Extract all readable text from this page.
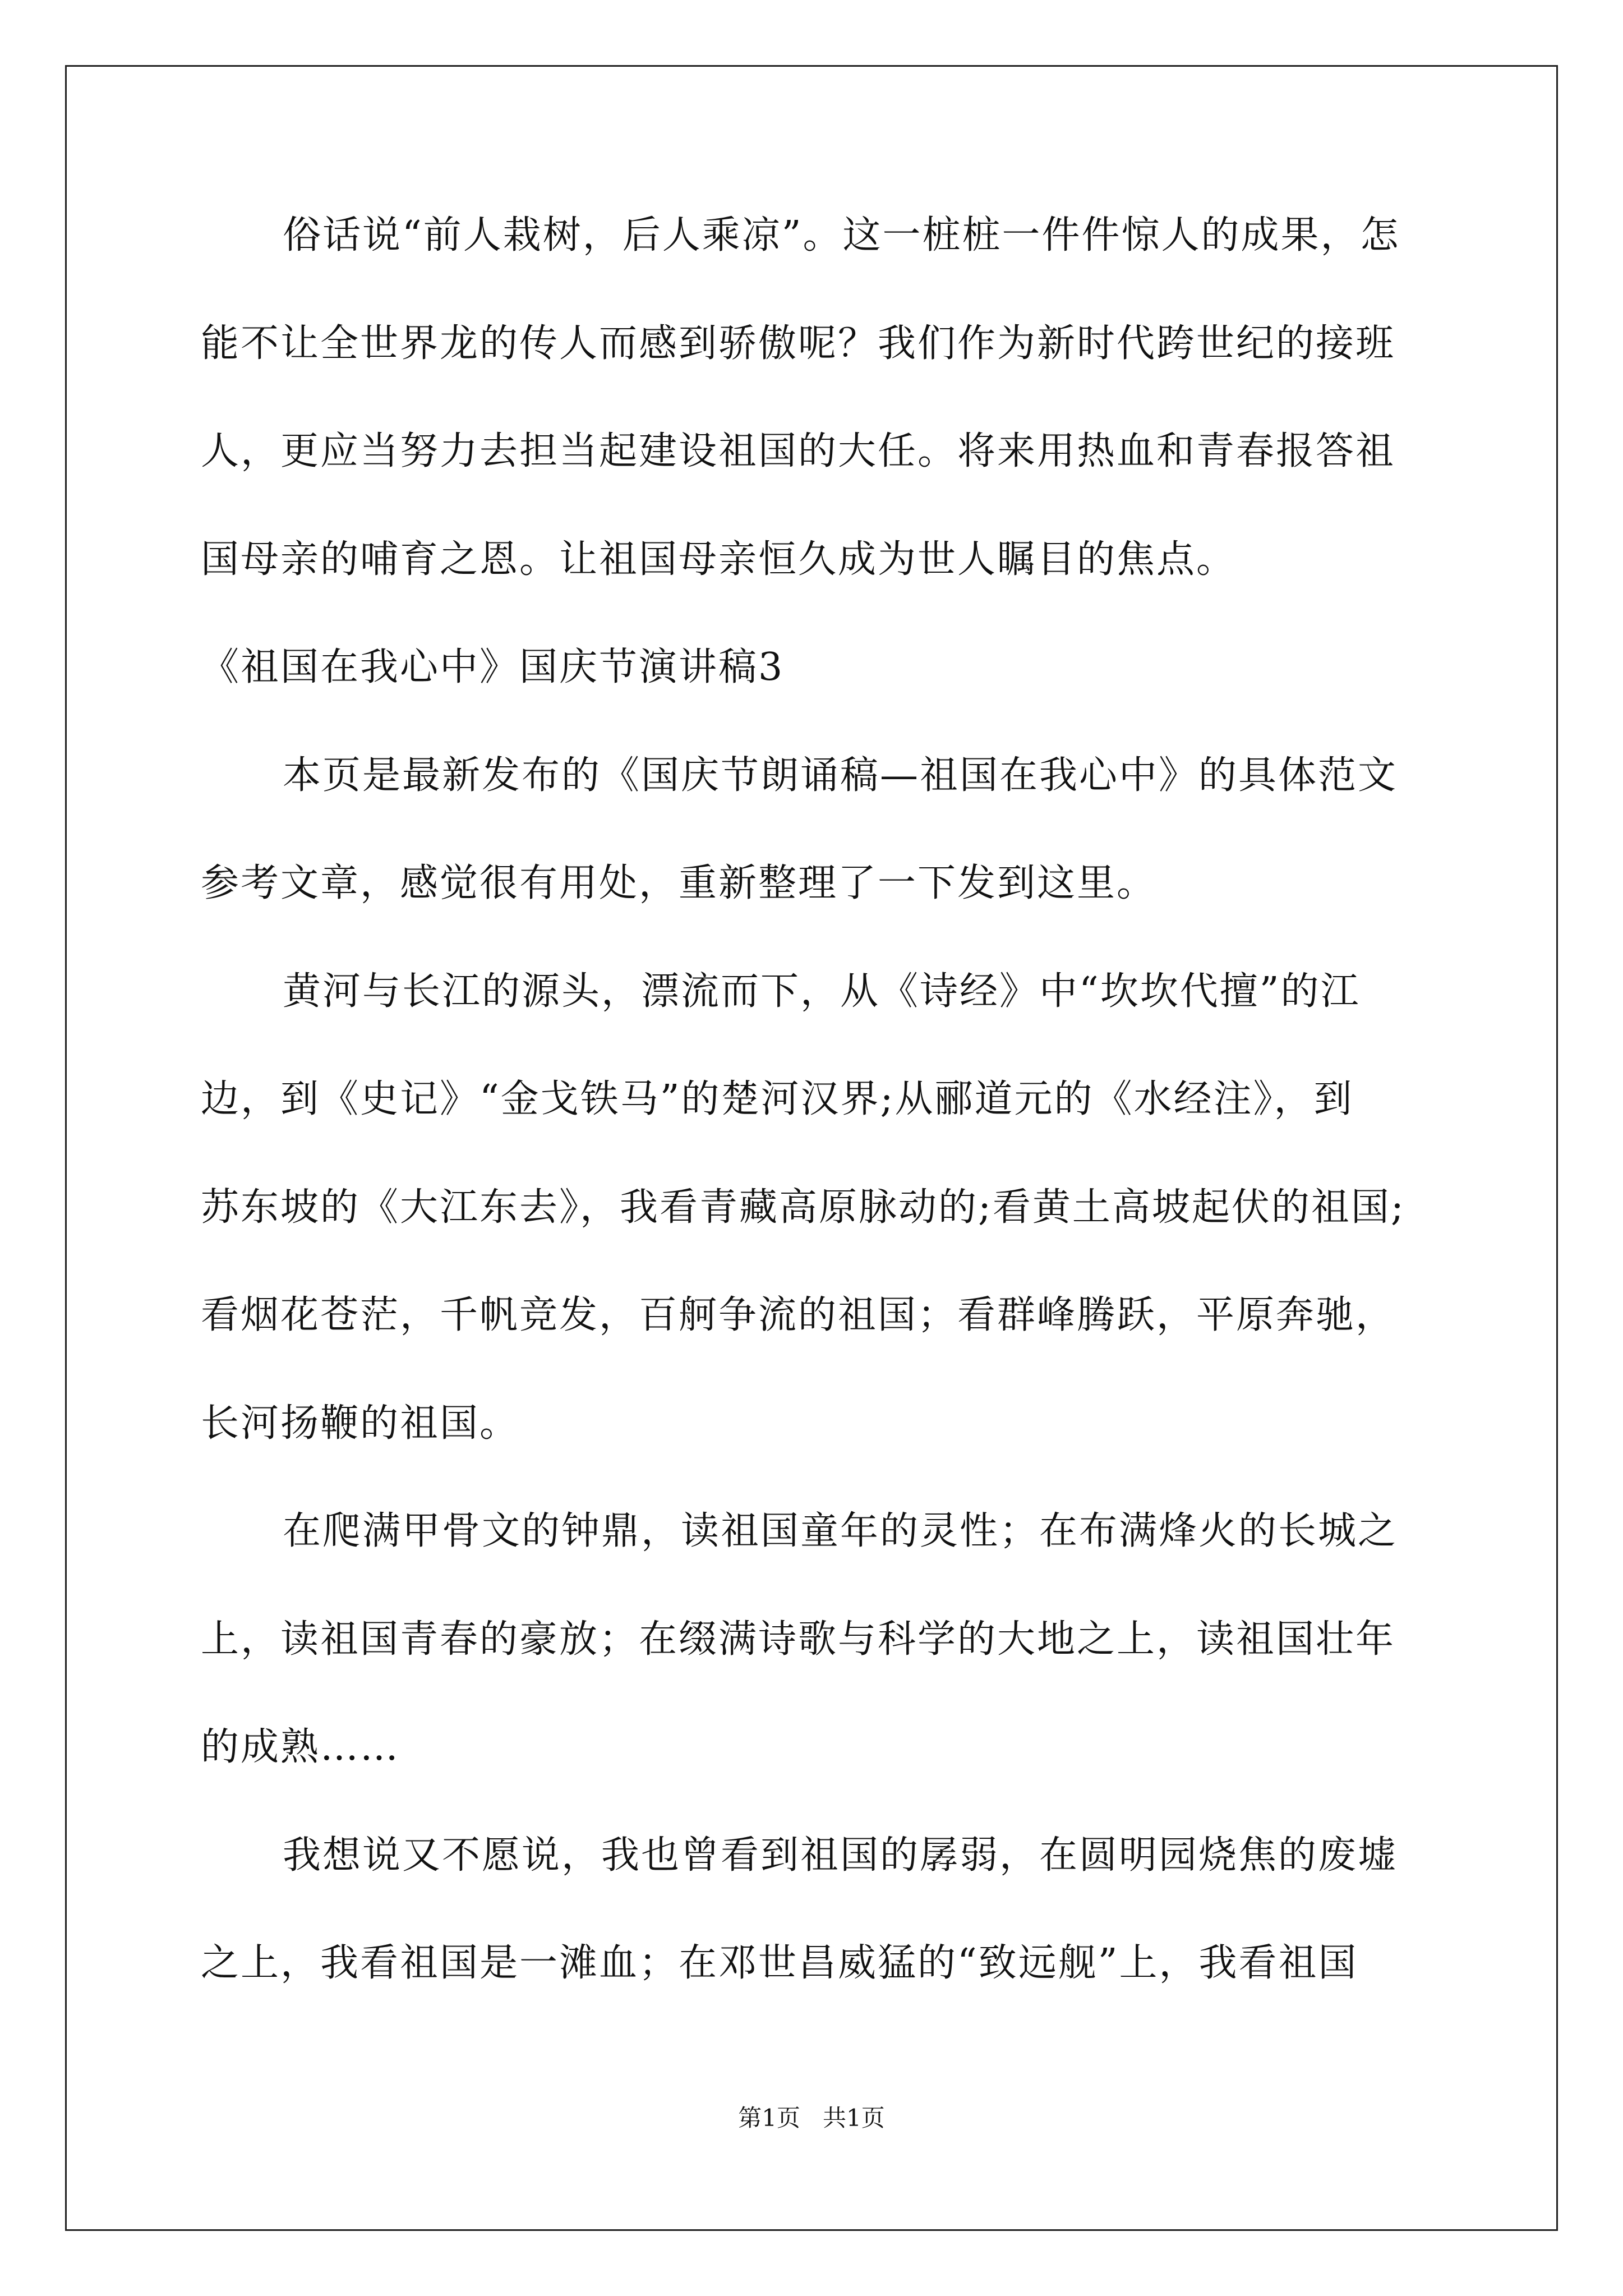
俗话说“前人栽树，后人乘凉”。这一桩桩一件件惊人的成果，怎
能不让全世界龙的传人而感到骄傲呢？我们作为新时代跨世纪的接班
人，更应当努力去担当起建设祖国的大任。将来用热血和青春报答祖
国母亲的哺育之恩。让祖国母亲恒久成为世人瞩目的焦点。
《祖国在我心中》国庆节演讲稿3
本页是最新发布的《国庆节朗诵稿—祖国在我心中》的具体范文
参考文章，感觉很有用处，重新整理了一下发到这里。
黄河与长江的源头，漂流而下，从《诗经》中“坎坎代擅”的江
边，到《史记》“金戈铁马”的楚河汉界;从郦道元的《水经注》，到
苏东坡的《大江东去》，我看青藏高原脉动的;看黄土高坡起伏的祖国;
看烟花苍茫，千帆竞发，百舸争流的祖国；看群峰腾跃，平原奔驰，
长河扬鞭的祖国。
在爬满甲骨文的钟鼎，读祖国童年的灵性；在布满烽火的长城之
上，读祖国青春的豪放；在缀满诗歌与科学的大地之上，读祖国壮年
的成熟……
我想说又不愿说，我也曾看到祖国的孱弱，在圆明园烧焦的废墟
之上，我看祖国是一滩血；在邓世昌威猛的“致远舰”上，我看祖国
第1页   共1页
